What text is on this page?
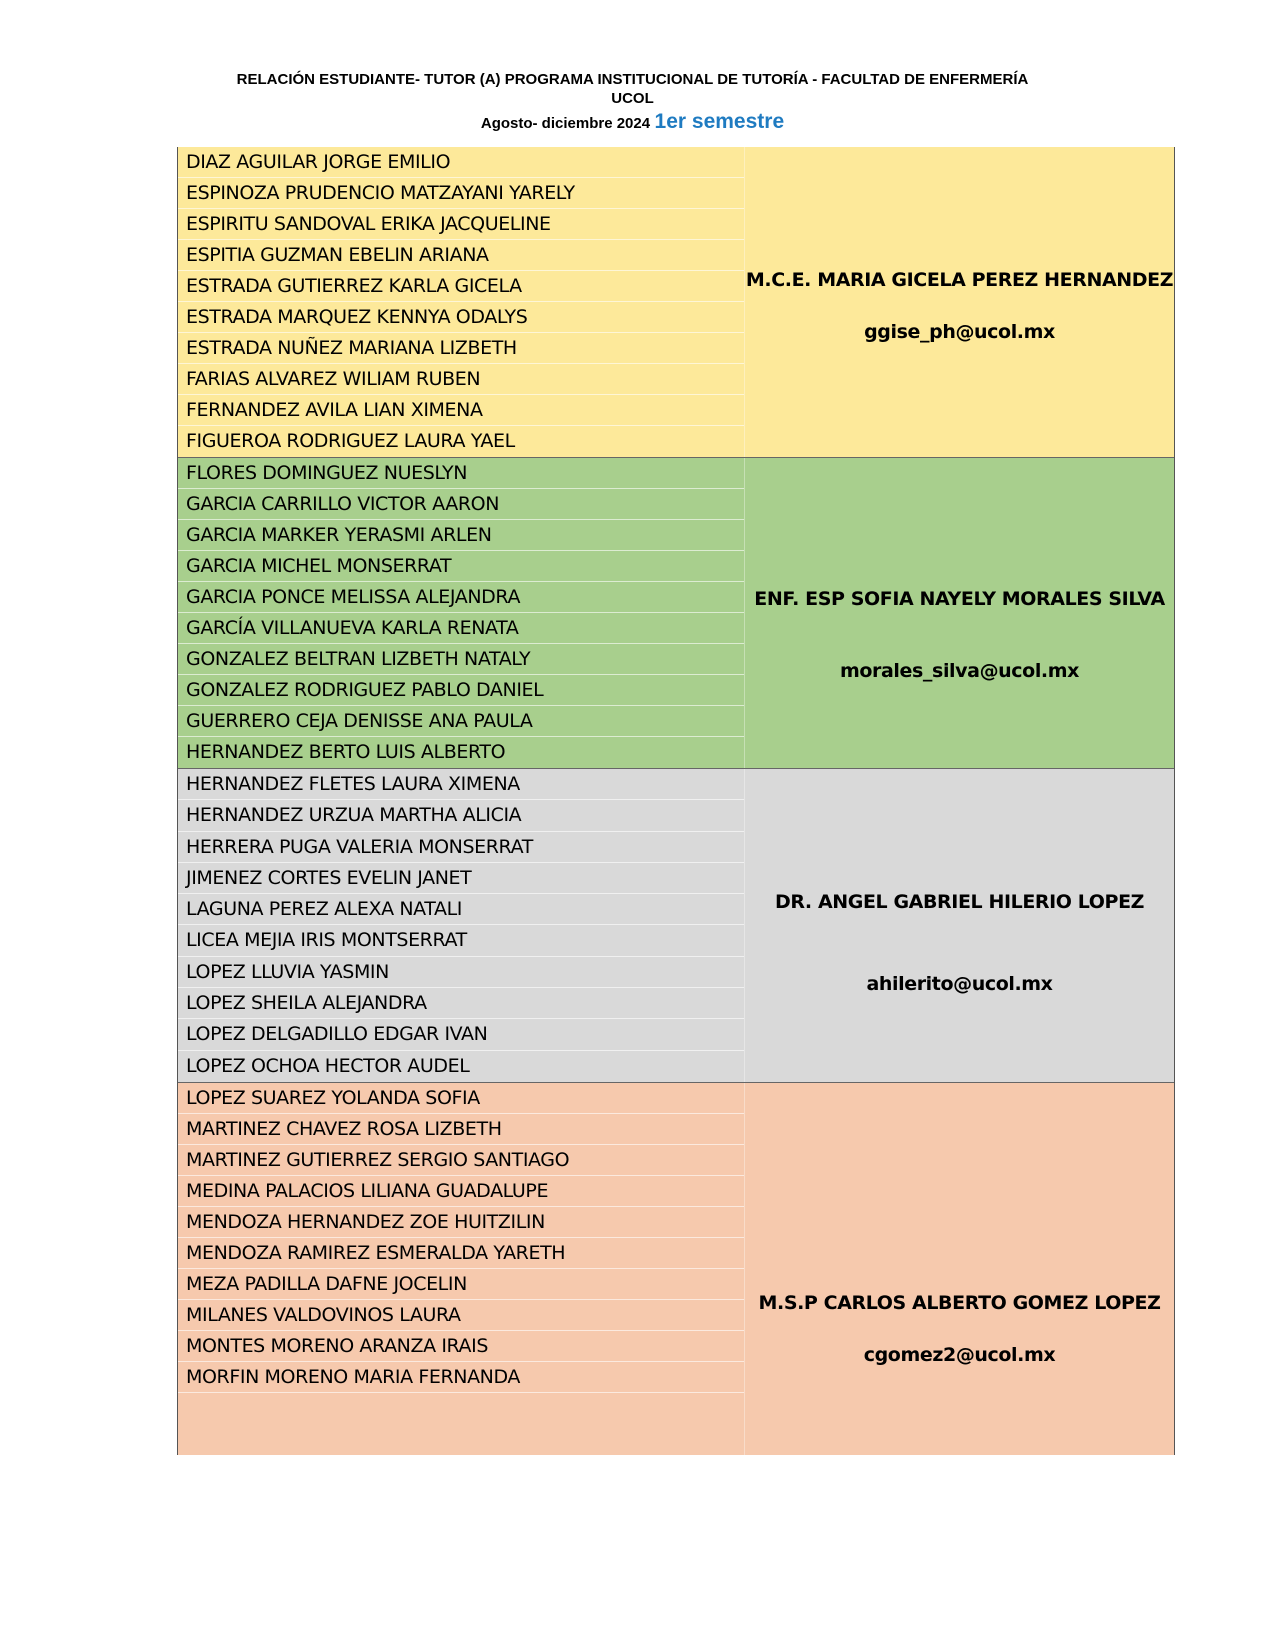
RELACIÓN ESTUDIANTE- TUTOR (A) PROGRAMA INSTITUCIONAL DE TUTORÍA - FACULTAD DE ENFERMERÍA
UCOL
Agosto- diciembre 2024 1er semestre
DIAZ AGUILAR JORGE EMILIO
ESPINOZA PRUDENCIO MATZAYANI YARELY
ESPIRITU SANDOVAL ERIKA JACQUELINE
ESPITIA GUZMAN EBELIN ARIANA
ESTRADA GUTIERREZ KARLA GICELA
ESTRADA MARQUEZ KENNYA ODALYS
ESTRADA NUÑEZ MARIANA LIZBETH
FARIAS ALVAREZ WILIAM RUBEN
FERNANDEZ AVILA LIAN XIMENA
FIGUEROA RODRIGUEZ LAURA YAEL
M.C.E. MARIA GICELA PEREZ HERNANDEZ
ggise_ph@ucol.mx
FLORES DOMINGUEZ NUESLYN
GARCIA CARRILLO VICTOR AARON
GARCIA MARKER YERASMI ARLEN
GARCIA MICHEL MONSERRAT
GARCIA PONCE MELISSA ALEJANDRA
GARCÍA VILLANUEVA KARLA RENATA
GONZALEZ BELTRAN LIZBETH NATALY
GONZALEZ RODRIGUEZ PABLO DANIEL
GUERRERO CEJA DENISSE ANA PAULA
HERNANDEZ BERTO LUIS ALBERTO
ENF. ESP SOFIA NAYELY MORALES SILVA
morales_silva@ucol.mx
HERNANDEZ FLETES LAURA XIMENA
HERNANDEZ URZUA MARTHA ALICIA
HERRERA PUGA VALERIA MONSERRAT
JIMENEZ CORTES EVELIN JANET
LAGUNA PEREZ ALEXA NATALI
LICEA MEJIA IRIS MONTSERRAT
LOPEZ LLUVIA YASMIN
LOPEZ SHEILA ALEJANDRA
LOPEZ DELGADILLO EDGAR IVAN
LOPEZ OCHOA HECTOR AUDEL
DR. ANGEL GABRIEL HILERIO LOPEZ
ahilerito@ucol.mx
LOPEZ SUAREZ YOLANDA SOFIA
MARTINEZ CHAVEZ ROSA LIZBETH
MARTINEZ GUTIERREZ SERGIO SANTIAGO
MEDINA PALACIOS LILIANA GUADALUPE
MENDOZA HERNANDEZ ZOE HUITZILIN
MENDOZA RAMIREZ ESMERALDA YARETH
MEZA PADILLA DAFNE JOCELIN
MILANES VALDOVINOS LAURA
MONTES MORENO ARANZA IRAIS
MORFIN MORENO MARIA FERNANDA
M.S.P CARLOS ALBERTO GOMEZ LOPEZ
cgomez2@ucol.mx
